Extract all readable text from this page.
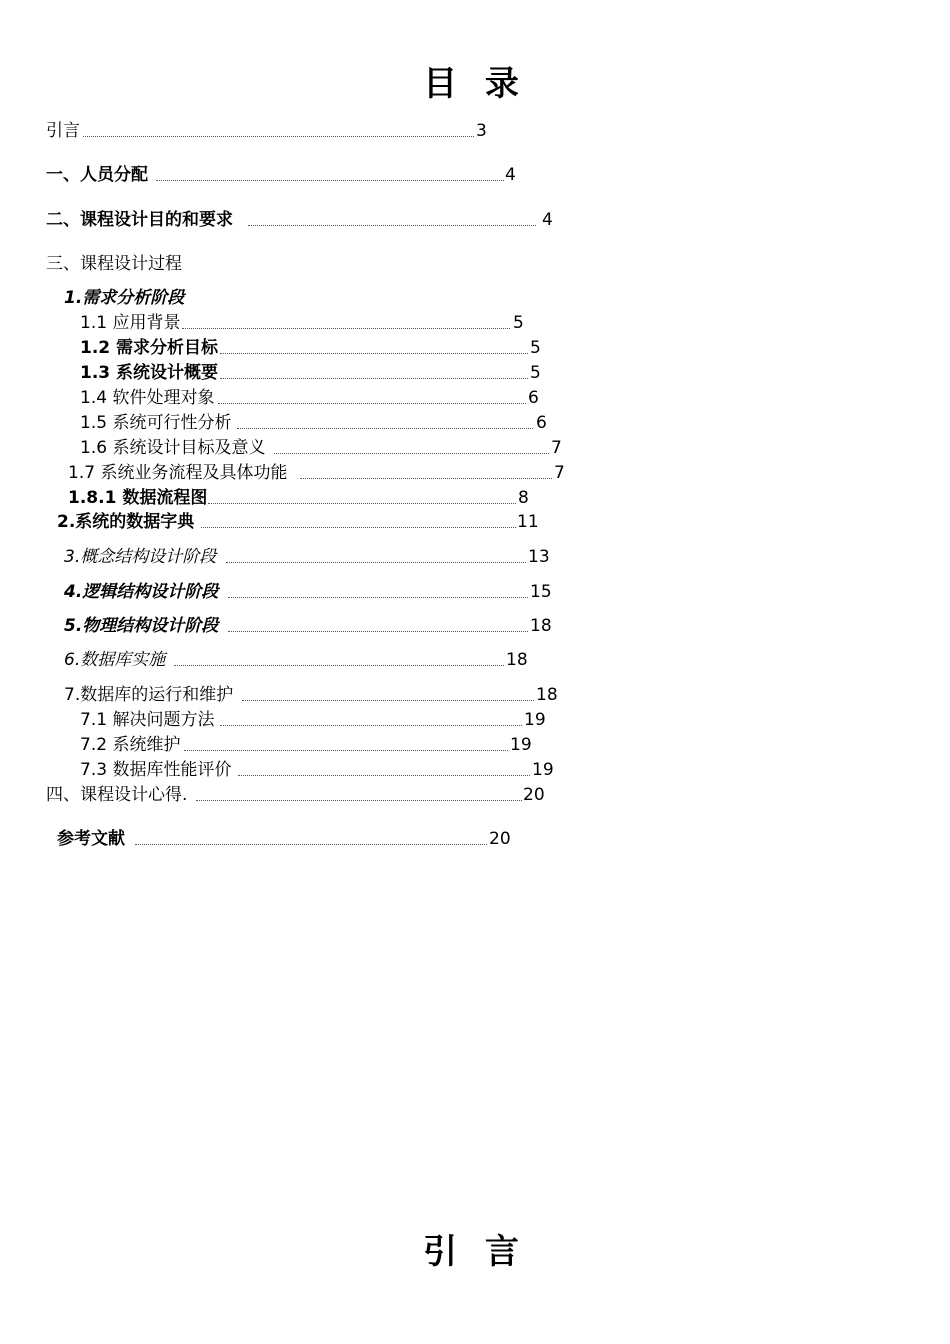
目 录
引言	3
一、人员分配	4
二、课程设计目的和要求	4
三、课程设计过程
1.需求分析阶段
1.1 应用背景	5
1.2 需求分析目标	5
1.3 系统设计概要	5
1.4 软件处理对象	6
1.5 系统可行性分析	6
1.6 系统设计目标及意义	7
1.7 系统业务流程及具体功能	7
1.8.1 数据流程图	8
2.系统的数据字典	11
3.概念结构设计阶段	13
4.逻辑结构设计阶段	15
5.物理结构设计阶段	18
6.数据库实施	18
7.数据库的运行和维护	18
7.1 解决问题方法	19
7.2 系统维护	19
7.3 数据库性能评价	19
四、课程设计心得.	20
参考文献	20
引 言
